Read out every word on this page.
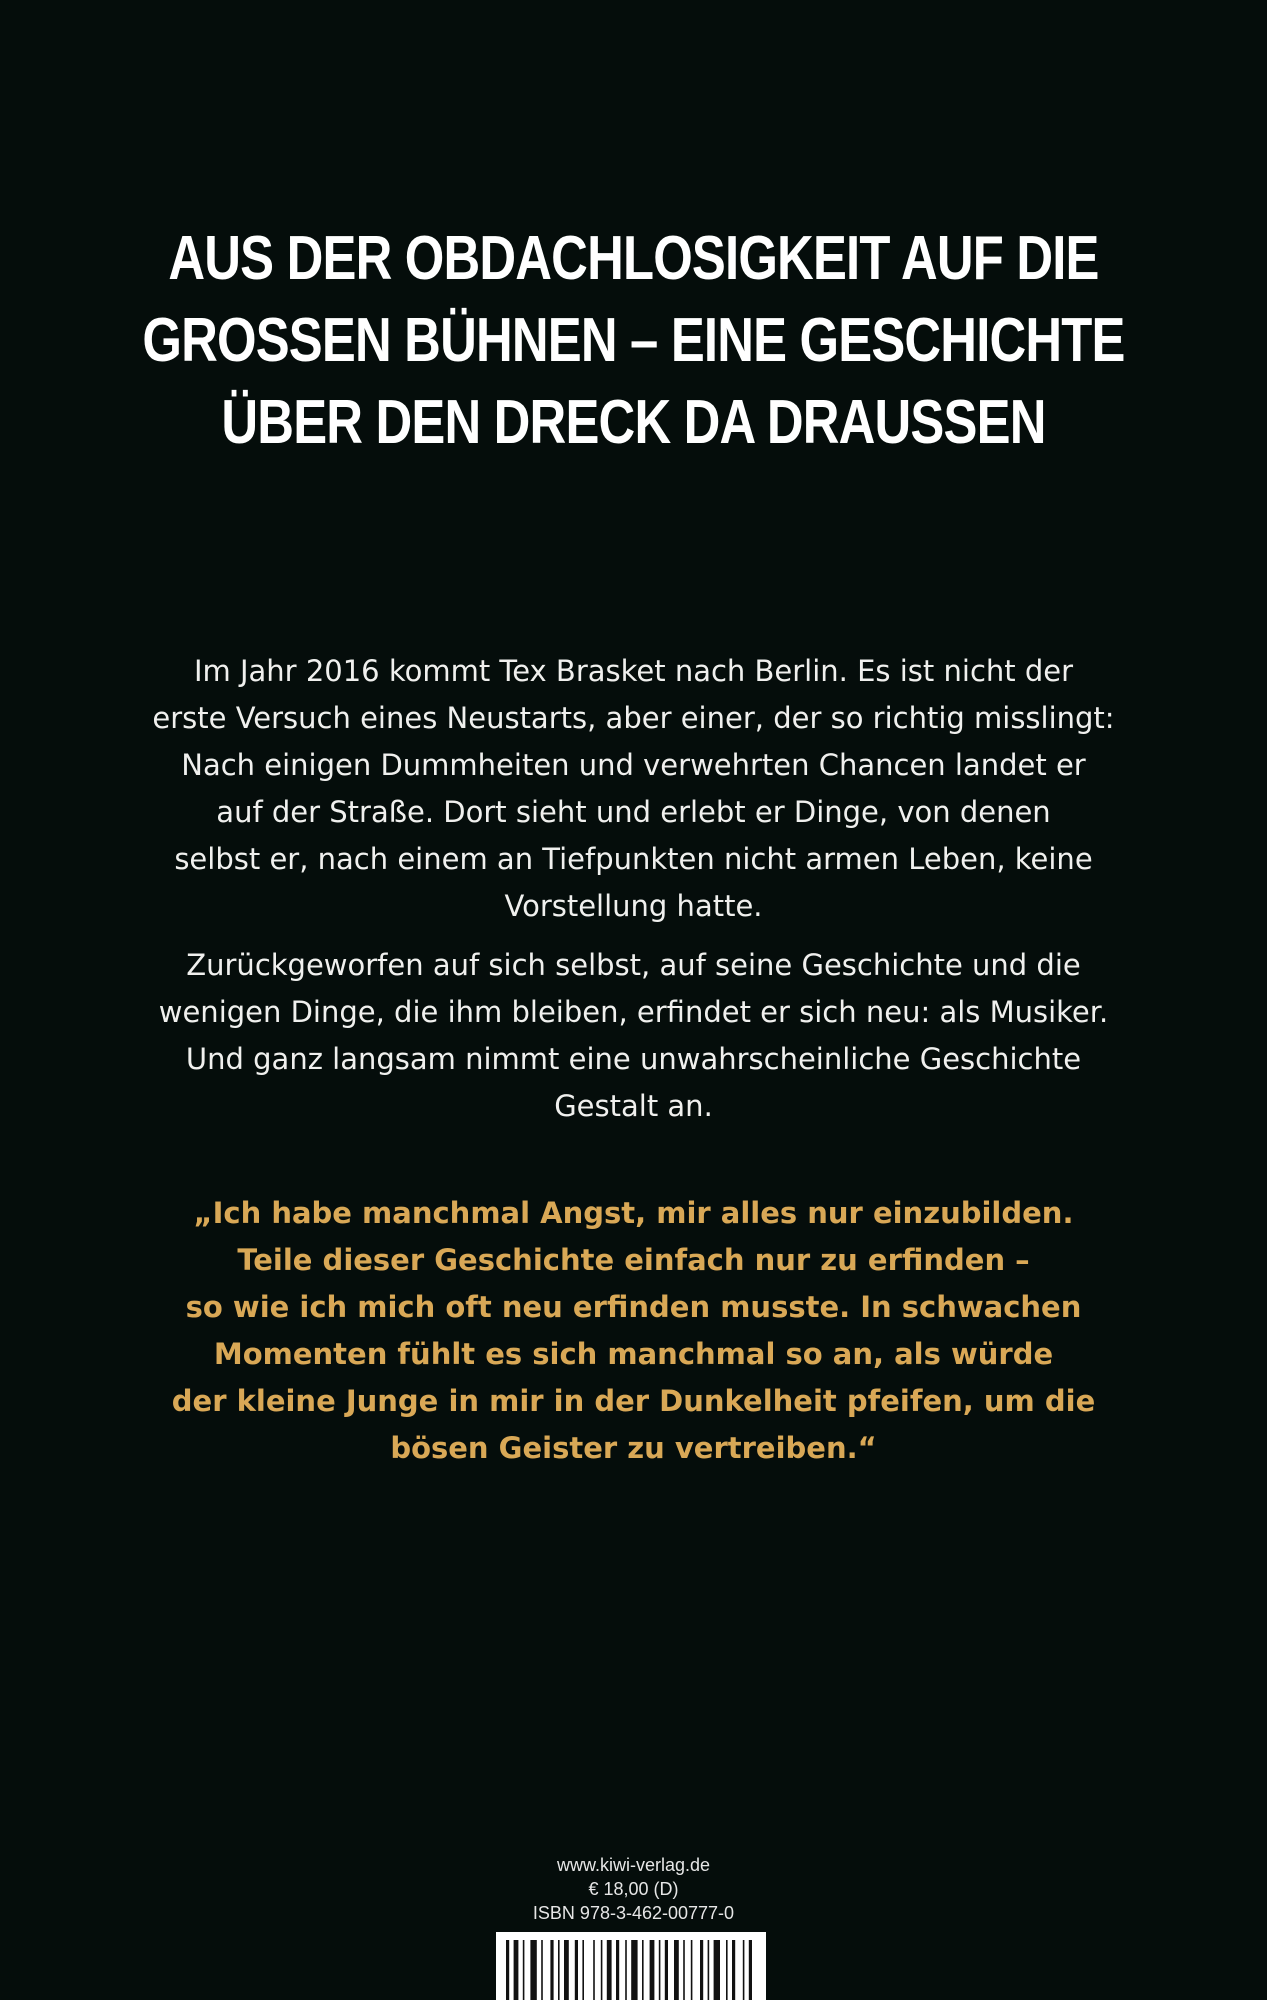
AUS DER OBDACHLOSIGKEIT AUF DIE
GROSSEN BÜHNEN – EINE GESCHICHTE
ÜBER DEN DRECK DA DRAUSSEN
Im Jahr 2016 kommt Tex Brasket nach Berlin. Es ist nicht der
erste Versuch eines Neustarts, aber einer, der so richtig misslingt:
Nach einigen Dummheiten und verwehrten Chancen landet er
auf der Straße. Dort sieht und erlebt er Dinge, von denen
selbst er, nach einem an Tiefpunkten nicht armen Leben, keine
Vorstellung hatte.
Zurückgeworfen auf sich selbst, auf seine Geschichte und die
wenigen Dinge, die ihm bleiben, erfindet er sich neu: als Musiker.
Und ganz langsam nimmt eine unwahrscheinliche Geschichte
Gestalt an.
„Ich habe manchmal Angst, mir alles nur einzubilden.
Teile dieser Geschichte einfach nur zu erfinden –
so wie ich mich oft neu erfinden musste. In schwachen
Momenten fühlt es sich manchmal so an, als würde
der kleine Junge in mir in der Dunkelheit pfeifen, um die
bösen Geister zu vertreiben.“
www.kiwi-verlag.de
€ 18,00 (D)
ISBN 978-3-462-00777-0
